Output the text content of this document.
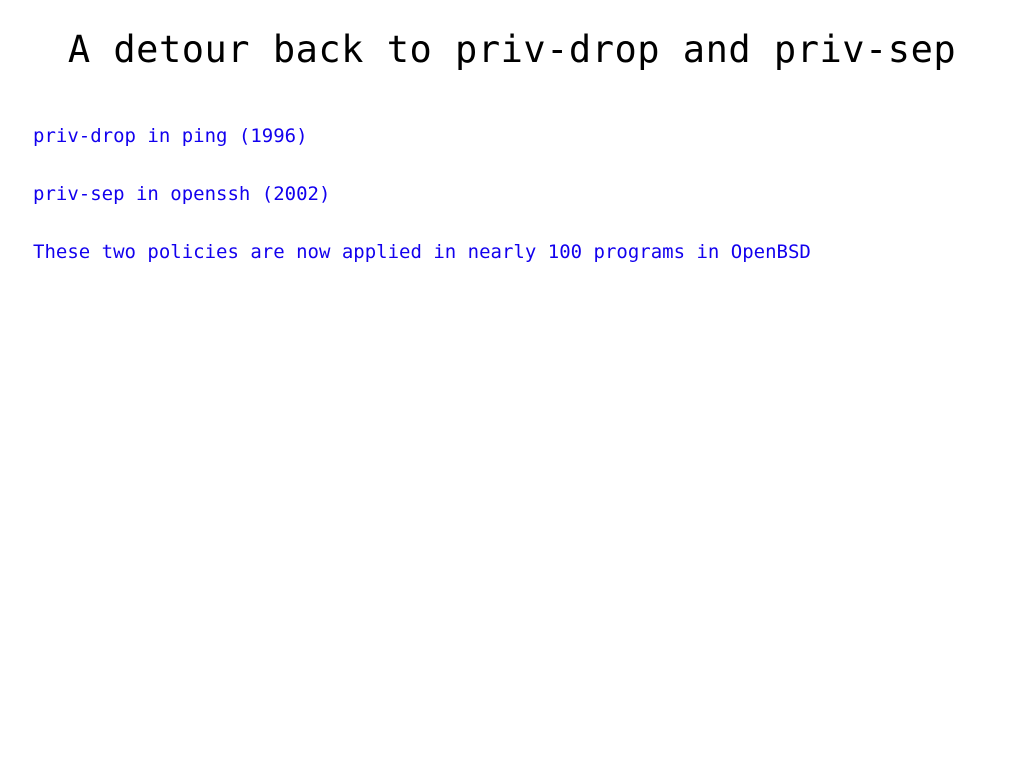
A detour back to priv-drop and priv-sep
priv-drop in ping (1996)
priv-sep in openssh (2002)
These two policies are now applied in nearly 100 programs in OpenBSD
